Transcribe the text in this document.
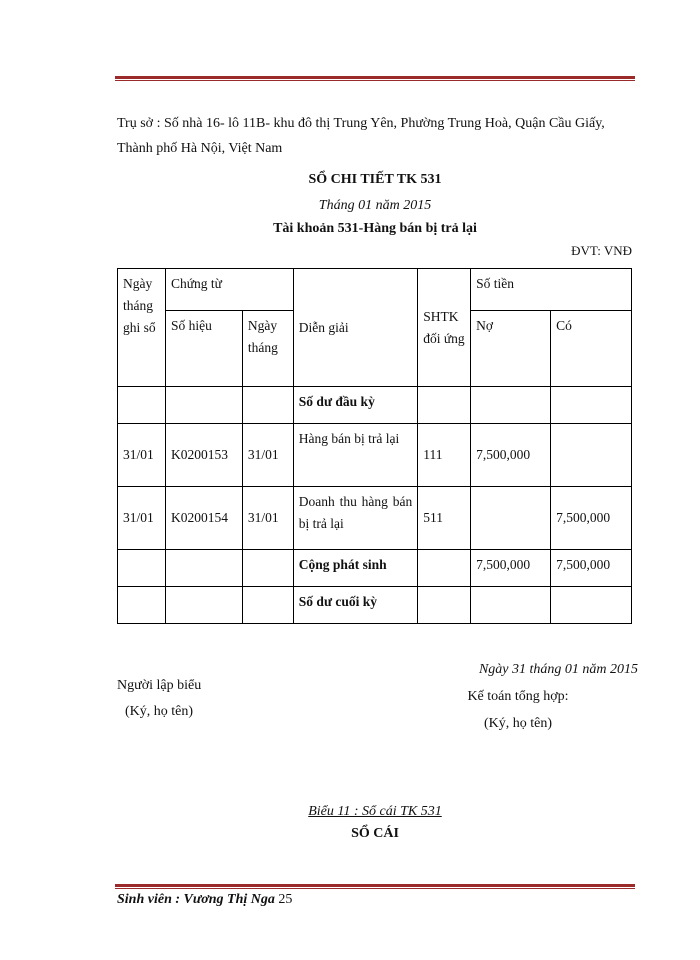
Trụ sở : Số nhà 16- lô 11B- khu đô thị Trung Yên, Phường Trung Hoà, Quận Cầu Giấy, Thành phố Hà Nội, Việt Nam
SỔ CHI TIẾT TK 531
Tháng 01 năm 2015
Tài khoản 531-Hàng bán bị trả lại
ĐVT: VNĐ
Ngày tháng ghi sổ	Chứng từ		Diễn giải	SHTK đối ứng	Số tiền	
	Số hiệu	Ngày tháng			Nợ	Có
			Số dư đầu kỳ			
31/01	K0200153	31/01	Hàng bán bị trả lại	111	7,500,000	
31/01	K0200154	31/01	Doanh thu hàng bán bị trả lại	511		7,500,000
			Cộng phát sinh		7,500,000	7,500,000
			Số dư cuối kỳ			
Người lập biểu
(Ký, họ tên)
Ngày 31 tháng 01 năm 2015
Kế toán tổng hợp:
(Ký, họ tên)
Biểu 11 : Sổ cái TK 531
SỔ CÁI
Sinh viên : Vương Thị Nga 25
